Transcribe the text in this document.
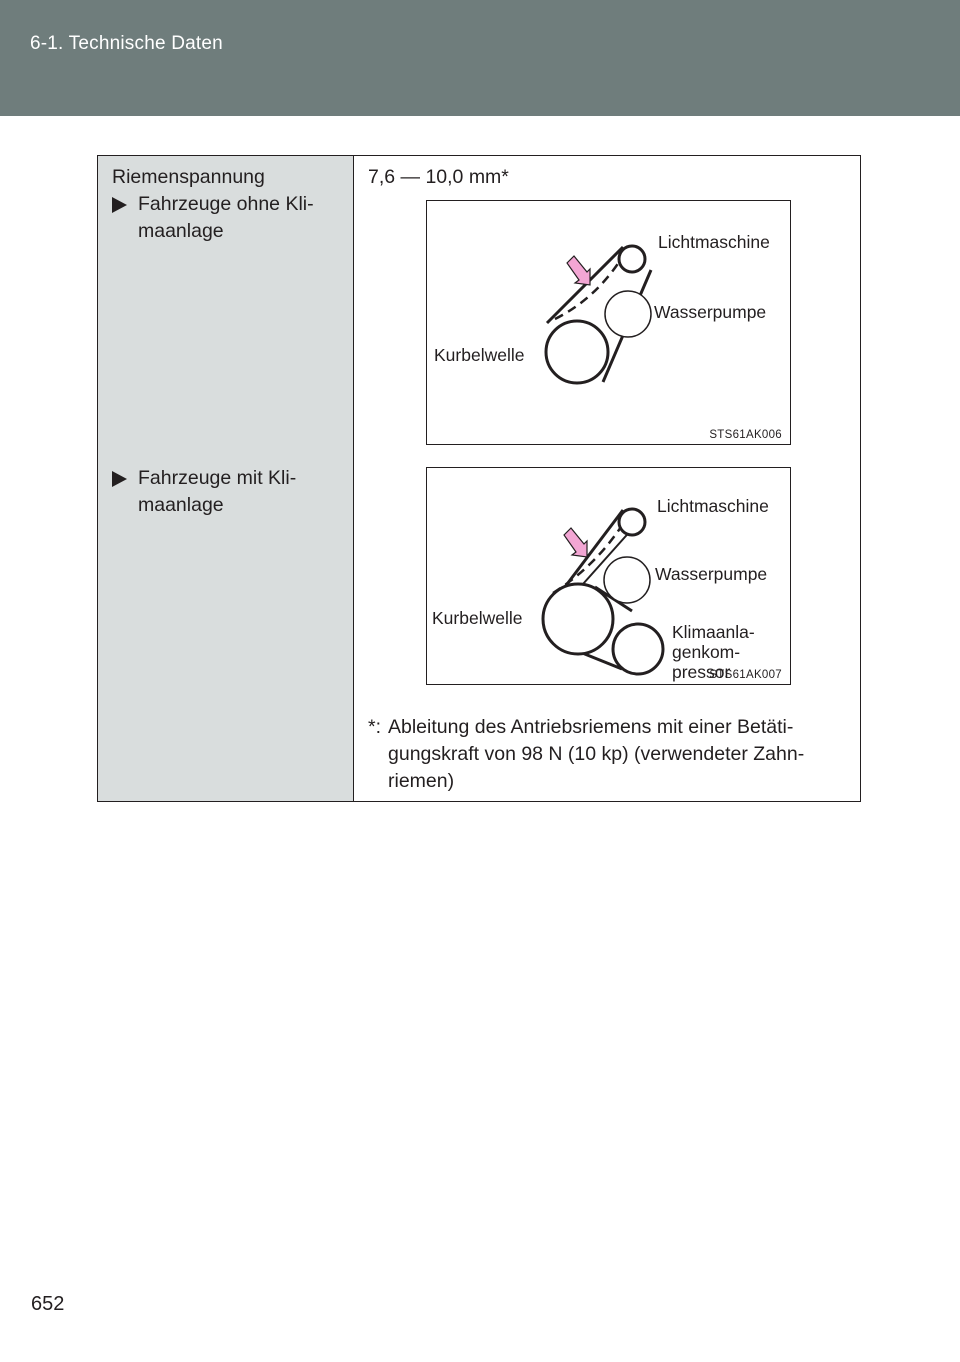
6-1. Technische Daten
Riemenspannung
Fahrzeuge ohne Kli-
maanlage
Fahrzeuge mit Kli-
maanlage
7,6 — 10,0 mm*
Lichtmaschine
Wasserpumpe
Kurbelwelle
STS61AK006
Lichtmaschine
Wasserpumpe
Kurbelwelle
Klimaanla-
genkom-
pressor
STS61AK007
*: Ableitung des Antriebsriemens mit einer Betäti-gungskraft von 98 N (10 kp) (verwendeter Zahn-riemen)
652
